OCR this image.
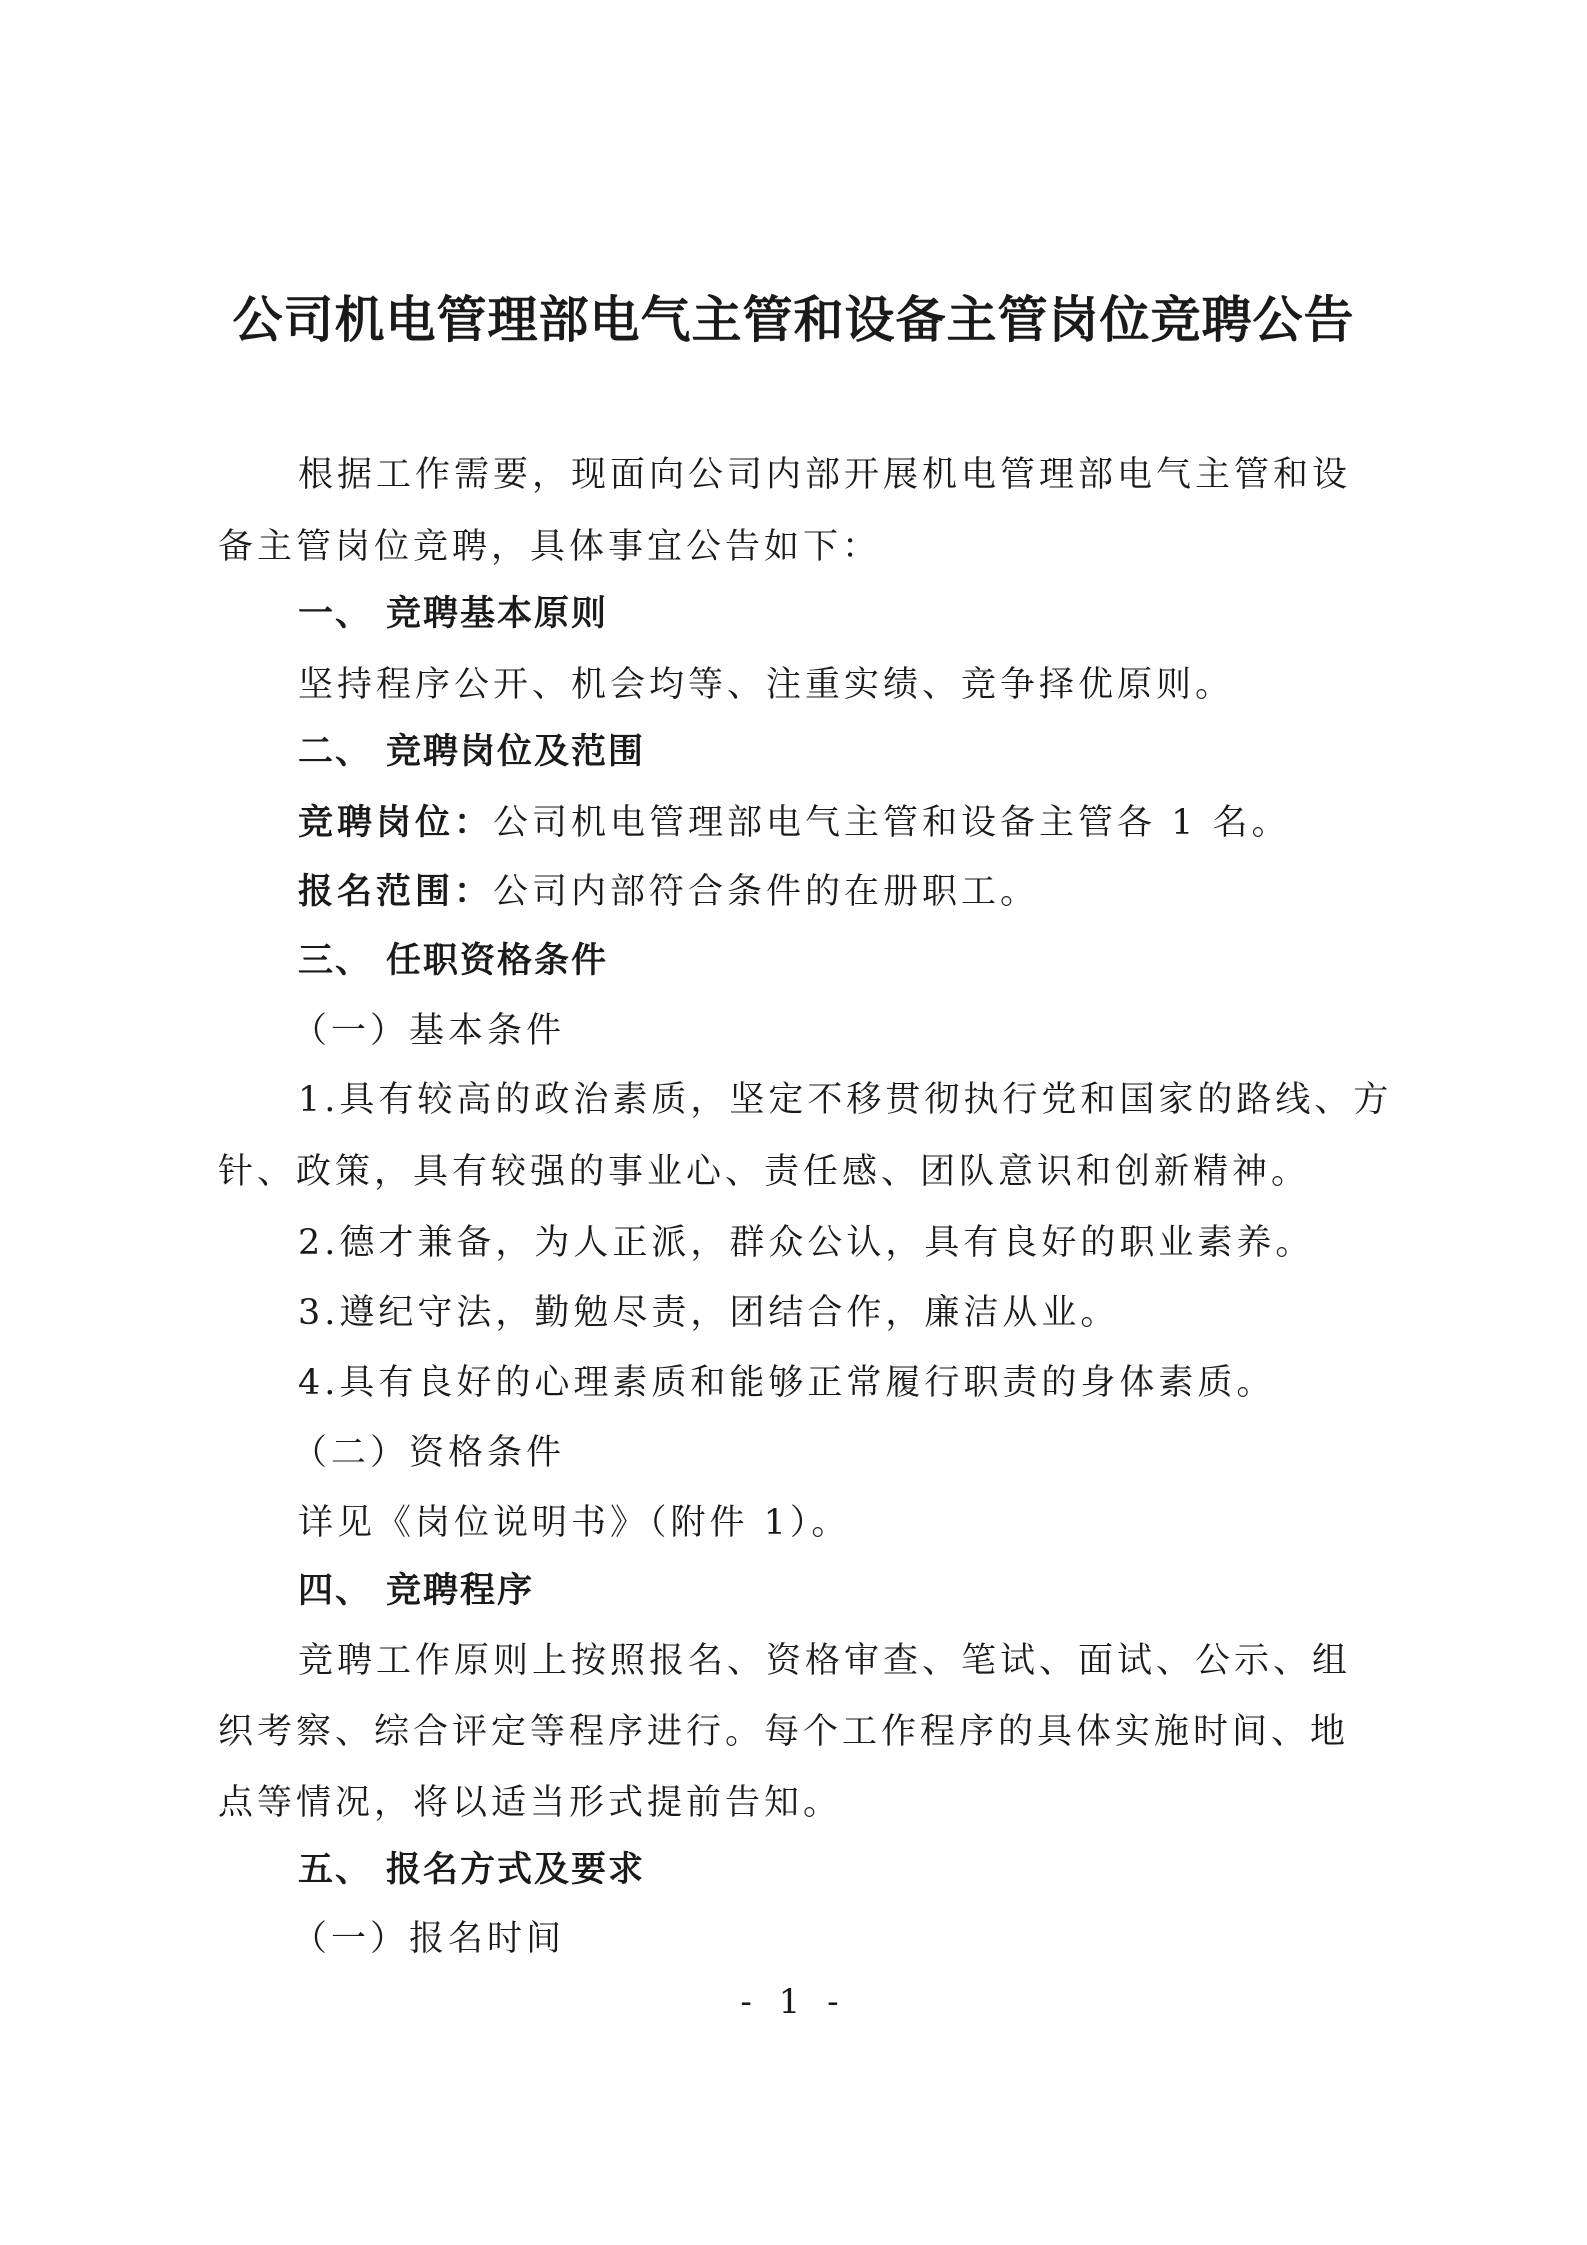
公司机电管理部电气主管和设备主管岗位竞聘公告
根据工作需要，现面向公司内部开展机电管理部电气主管和设
备主管岗位竞聘，具体事宜公告如下：
一、 竞聘基本原则
坚持程序公开、机会均等、注重实绩、竞争择优原则。
二、 竞聘岗位及范围
竞聘岗位：公司机电管理部电气主管和设备主管各 1 名。
报名范围：公司内部符合条件的在册职工。
三、 任职资格条件
（一）基本条件
1.具有较高的政治素质，坚定不移贯彻执行党和国家的路线、方
针、政策，具有较强的事业心、责任感、团队意识和创新精神。
2.德才兼备，为人正派，群众公认，具有良好的职业素养。
3.遵纪守法，勤勉尽责，团结合作，廉洁从业。
4.具有良好的心理素质和能够正常履行职责的身体素质。
（二）资格条件
详见《岗位说明书》（附件 1）。
四、 竞聘程序
竞聘工作原则上按照报名、资格审查、笔试、面试、公示、组
织考察、综合评定等程序进行。每个工作程序的具体实施时间、地
点等情况，将以适当形式提前告知。
五、 报名方式及要求
（一）报名时间
- 1 -
